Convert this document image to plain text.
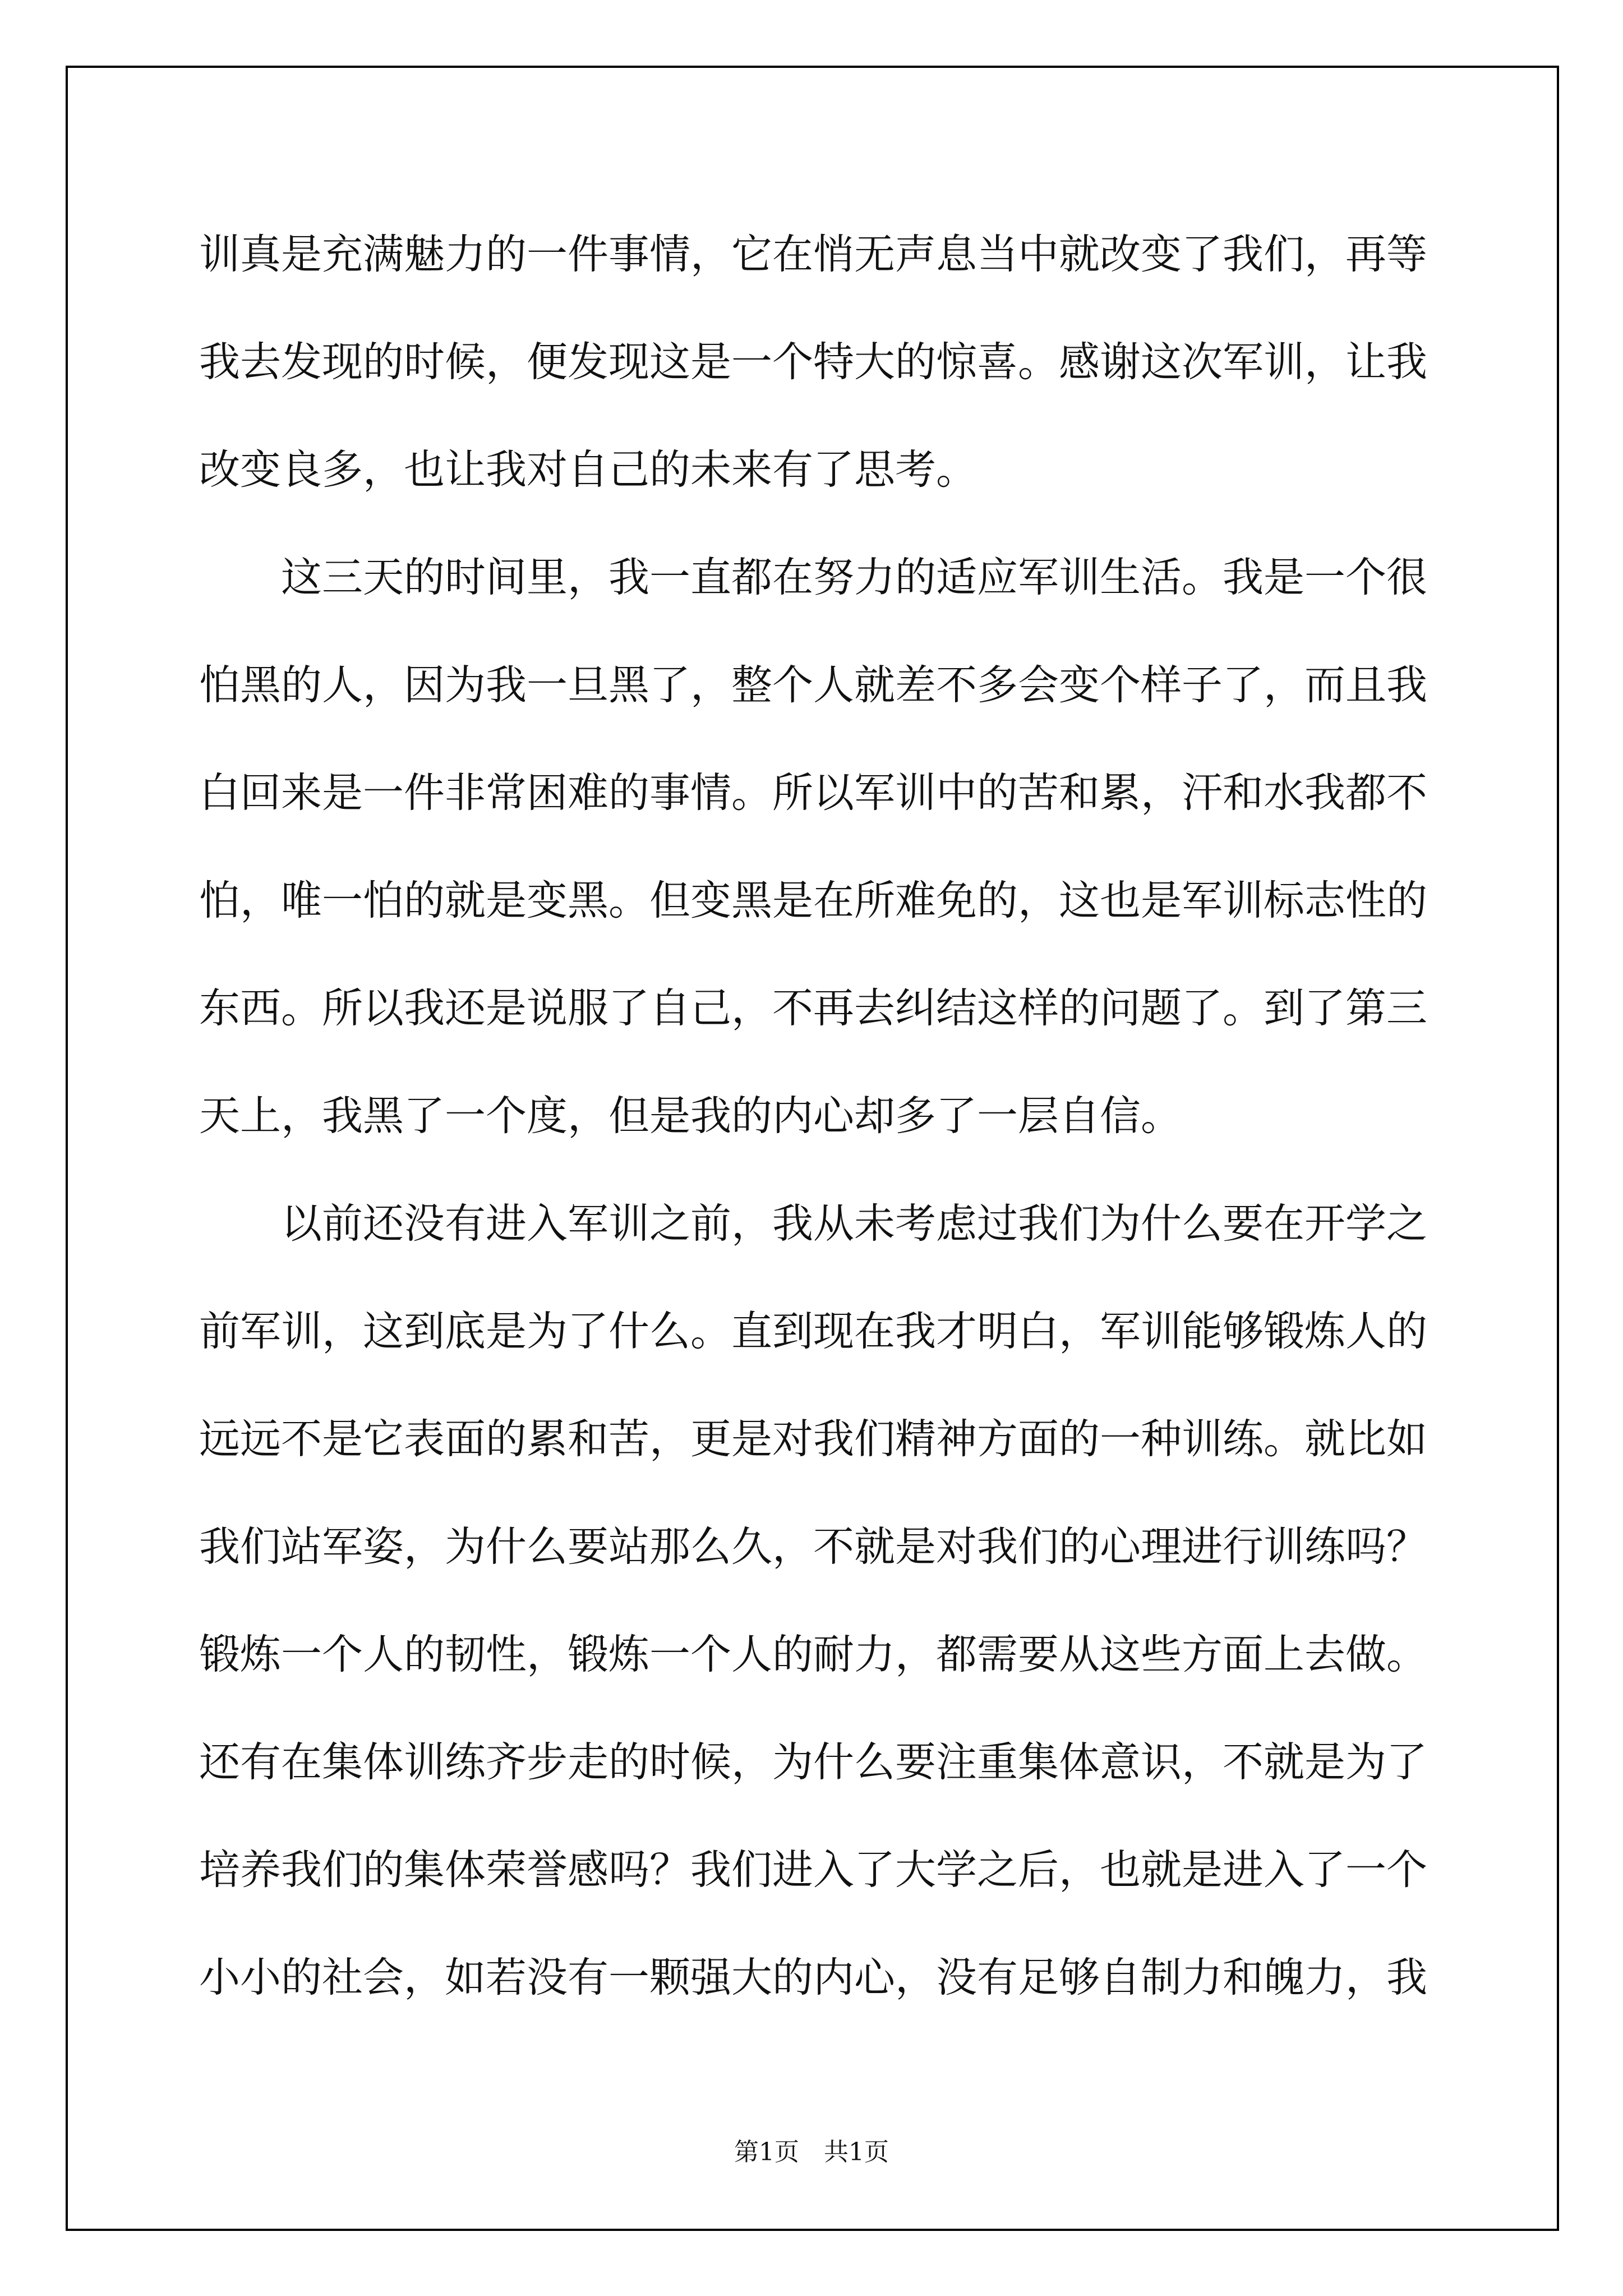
训真是充满魅力的一件事情，它在悄无声息当中就改变了我们，再等
我去发现的时候，便发现这是一个特大的惊喜。感谢这次军训，让我
改变良多，也让我对自己的未来有了思考。
　　这三天的时间里，我一直都在努力的适应军训生活。我是一个很
怕黑的人，因为我一旦黑了，整个人就差不多会变个样子了，而且我
白回来是一件非常困难的事情。所以军训中的苦和累，汗和水我都不
怕，唯一怕的就是变黑。但变黑是在所难免的，这也是军训标志性的
东西。所以我还是说服了自己，不再去纠结这样的问题了。到了第三
天上，我黑了一个度，但是我的内心却多了一层自信。
　　以前还没有进入军训之前，我从未考虑过我们为什么要在开学之
前军训，这到底是为了什么。直到现在我才明白，军训能够锻炼人的
远远不是它表面的累和苦，更是对我们精神方面的一种训练。就比如
我们站军姿，为什么要站那么久，不就是对我们的心理进行训练吗？
锻炼一个人的韧性，锻炼一个人的耐力，都需要从这些方面上去做。
还有在集体训练齐步走的时候，为什么要注重集体意识，不就是为了
培养我们的集体荣誉感吗？我们进入了大学之后，也就是进入了一个
小小的社会，如若没有一颗强大的内心，没有足够自制力和魄力，我
第1页　共1页
